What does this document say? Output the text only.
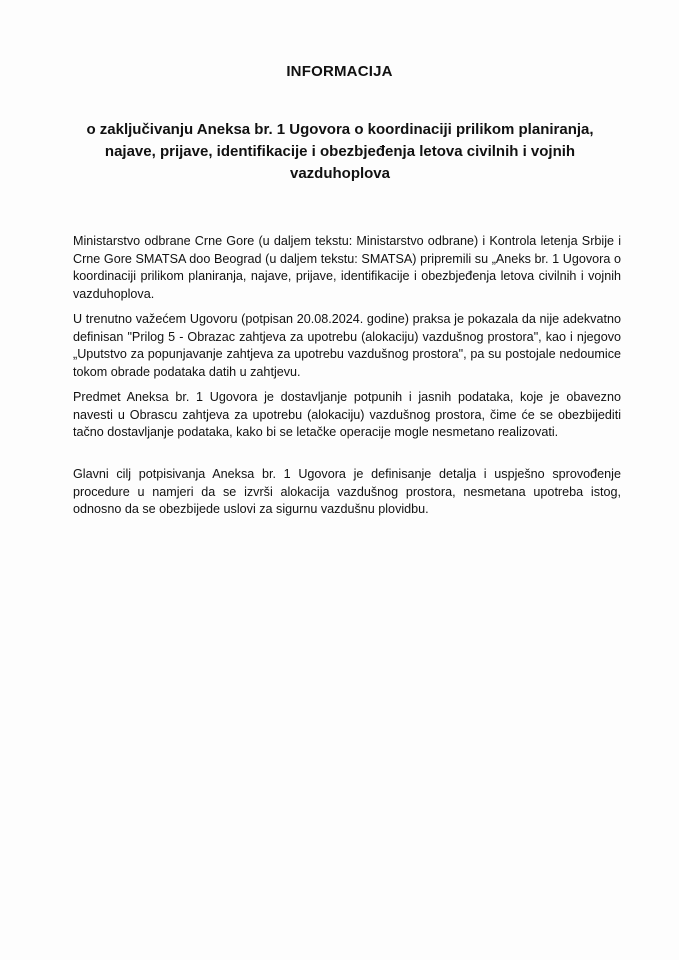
INFORMACIJA
o zaključivanju Aneksa br. 1 Ugovora o koordinaciji prilikom planiranja, najave, prijave, identifikacije i obezbjeđenja letova civilnih i vojnih vazduhoplova

Ministarstvo odbrane Crne Gore (u daljem tekstu: Ministarstvo odbrane) i Kontrola letenja Srbije i Crne Gore SMATSA doo Beograd (u daljem tekstu: SMATSA) pripremili su „Aneks br. 1 Ugovora o koordinaciji prilikom planiranja, najave, prijave, identifikacije i obezbjeđenja letova civilnih i vojnih vazduhoplova.

U trenutno važećem Ugovoru (potpisan 20.08.2024. godine) praksa je pokazala da nije adekvatno definisan "Prilog 5 - Obrazac zahtjeva za upotrebu (alokaciju) vazdušnog prostora", kao i njegovo „Uputstvo za popunjavanje zahtjeva za upotrebu vazdušnog prostora", pa su postojale nedoumice tokom obrade podataka datih u zahtjevu.

Predmet Aneksa br. 1 Ugovora je dostavljanje potpunih i jasnih podataka, koje je obavezno navesti u Obrascu zahtjeva za upotrebu (alokaciju) vazdušnog prostora, čime će se obezbijediti tačno dostavljanje podataka, kako bi se letačke operacije mogle nesmetano realizovati.

Glavni cilj potpisivanja Aneksa br. 1 Ugovora je definisanje detalja i uspješno sprovođenje procedure u namjeri da se izvrši alokacija vazdušnog prostora, nesmetana upotreba istog, odnosno da se obezbijede uslovi za sigurnu vazdušnu plovidbu.
